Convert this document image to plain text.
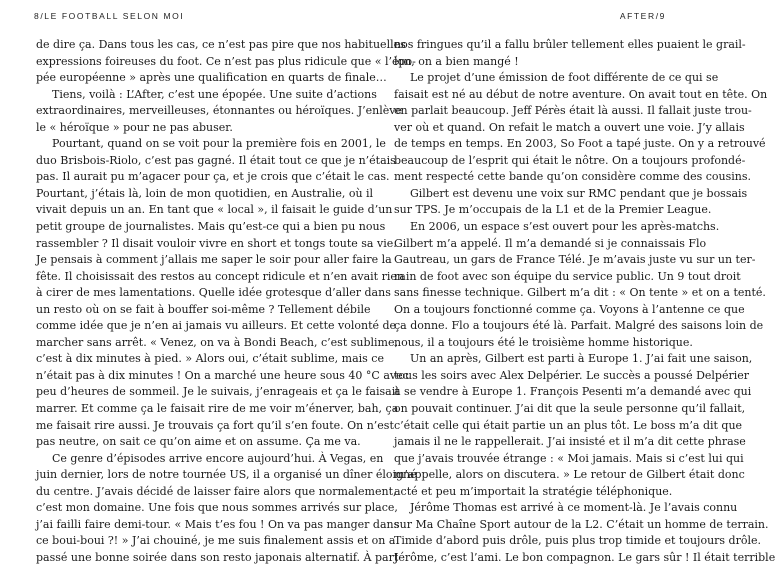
8/LE FOOTBALL SELON MOI
de dire ça. Dans tous les cas, ce n’est pas pire que nos habituelles
expressions foireuses du foot. Ce n’est pas plus ridicule que « l’épo-
pée européenne » après une qualification en quarts de finale…
Tiens, voilà : L’After, c’est une épopée. Une suite d’actions
extraordinaires, merveilleuses, étonnantes ou héroïques. J’enlève
le « héroïque » pour ne pas abuser.
Pourtant, quand on se voit pour la première fois en 2001, le
duo Brisbois-Riolo, c’est pas gagné. Il était tout ce que je n’étais
pas. Il aurait pu m’agacer pour ça, et je crois que c’était le cas.
Pourtant, j’étais là, loin de mon quotidien, en Australie, où il
vivait depuis un an. En tant que « local », il faisait le guide d’un
petit groupe de journalistes. Mais qu’est-ce qui a bien pu nous
rassembler ? Il disait vouloir vivre en short et tongs toute sa vie.
Je pensais à comment j’allais me saper le soir pour aller faire la
fête. Il choisissait des restos au concept ridicule et n’en avait rien
à cirer de mes lamentations. Quelle idée grotesque d’aller dans
un resto où on se fait à bouffer soi-même ? Tellement débile
comme idée que je n’en ai jamais vu ailleurs. Et cette volonté de
marcher sans arrêt. « Venez, on va à Bondi Beach, c’est sublime,
c’est à dix minutes à pied. » Alors oui, c’était sublime, mais ce
n’était pas à dix minutes ! On a marché une heure sous 40 °C avec
peu d’heures de sommeil. Je le suivais, j’enrageais et ça le faisait
marrer. Et comme ça le faisait rire de me voir m’énerver, bah, ça
me faisait rire aussi. Je trouvais ça fort qu’il s’en foute. On n’est
pas neutre, on sait ce qu’on aime et on assume. Ça me va.
Ce genre d’épisodes arrive encore aujourd’hui. À Vegas, en
juin dernier, lors de notre tournée US, il a organisé un dîner éloigné
du centre. J’avais décidé de laisser faire alors que normalement,
c’est mon domaine. Une fois que nous sommes arrivés sur place,
j’ai failli faire demi-tour. « Mais t’es fou ! On va pas manger dans
ce boui-boui ?! » J’ai chouiné, je me suis finalement assis et on a
passé une bonne soirée dans son resto japonais alternatif. À part
AFTER/9
nos fringues qu’il a fallu brûler tellement elles puaient le grail-
lon, on a bien mangé !
Le projet d’une émission de foot différente de ce qui se
faisait est né au début de notre aventure. On avait tout en tête. On
en parlait beaucoup. Jeff Pérès était là aussi. Il fallait juste trou-
ver où et quand. On refait le match a ouvert une voie. J’y allais
de temps en temps. En 2003, So Foot a tapé juste. On y a retrouvé
beaucoup de l’esprit qui était le nôtre. On a toujours profondé-
ment respecté cette bande qu’on considère comme des cousins.
Gilbert est devenu une voix sur RMC pendant que je bossais
sur TPS. Je m’occupais de la L1 et de la Premier League.
En 2006, un espace s’est ouvert pour les après-matchs.
Gilbert m’a appelé. Il m’a demandé si je connaissais Flo
Gautreau, un gars de France Télé. Je m’avais juste vu sur un ter-
rain de foot avec son équipe du service public. Un 9 tout droit
sans finesse technique. Gilbert m’a dit : « On tente » et on a tenté.
On a toujours fonctionné comme ça. Voyons à l’antenne ce que
ça donne. Flo a toujours été là. Parfait. Malgré des saisons loin de
nous, il a toujours été le troisième homme historique.
Un an après, Gilbert est parti à Europe 1. J’ai fait une saison,
tous les soirs avec Alex Delpérier. Le succès a poussé Delpérier
à se vendre à Europe 1. François Pesenti m’a demandé avec qui
on pouvait continuer. J’ai dit que la seule personne qu’il fallait,
c’était celle qui était partie un an plus tôt. Le boss m’a dit que
jamais il ne le rappellerait. J’ai insisté et il m’a dit cette phrase
que j’avais trouvée étrange : « Moi jamais. Mais si c’est lui qui
m’appelle, alors on discutera. » Le retour de Gilbert était donc
acté et peu m’importait la stratégie téléphonique.
Jérôme Thomas est arrivé à ce moment-là. Je l’avais connu
sur Ma Chaîne Sport autour de la L2. C’était un homme de terrain.
Timide d’abord puis drôle, puis plus trop timide et toujours drôle.
Jérôme, c’est l’ami. Le bon compagnon. Le gars sûr ! Il était terrible
